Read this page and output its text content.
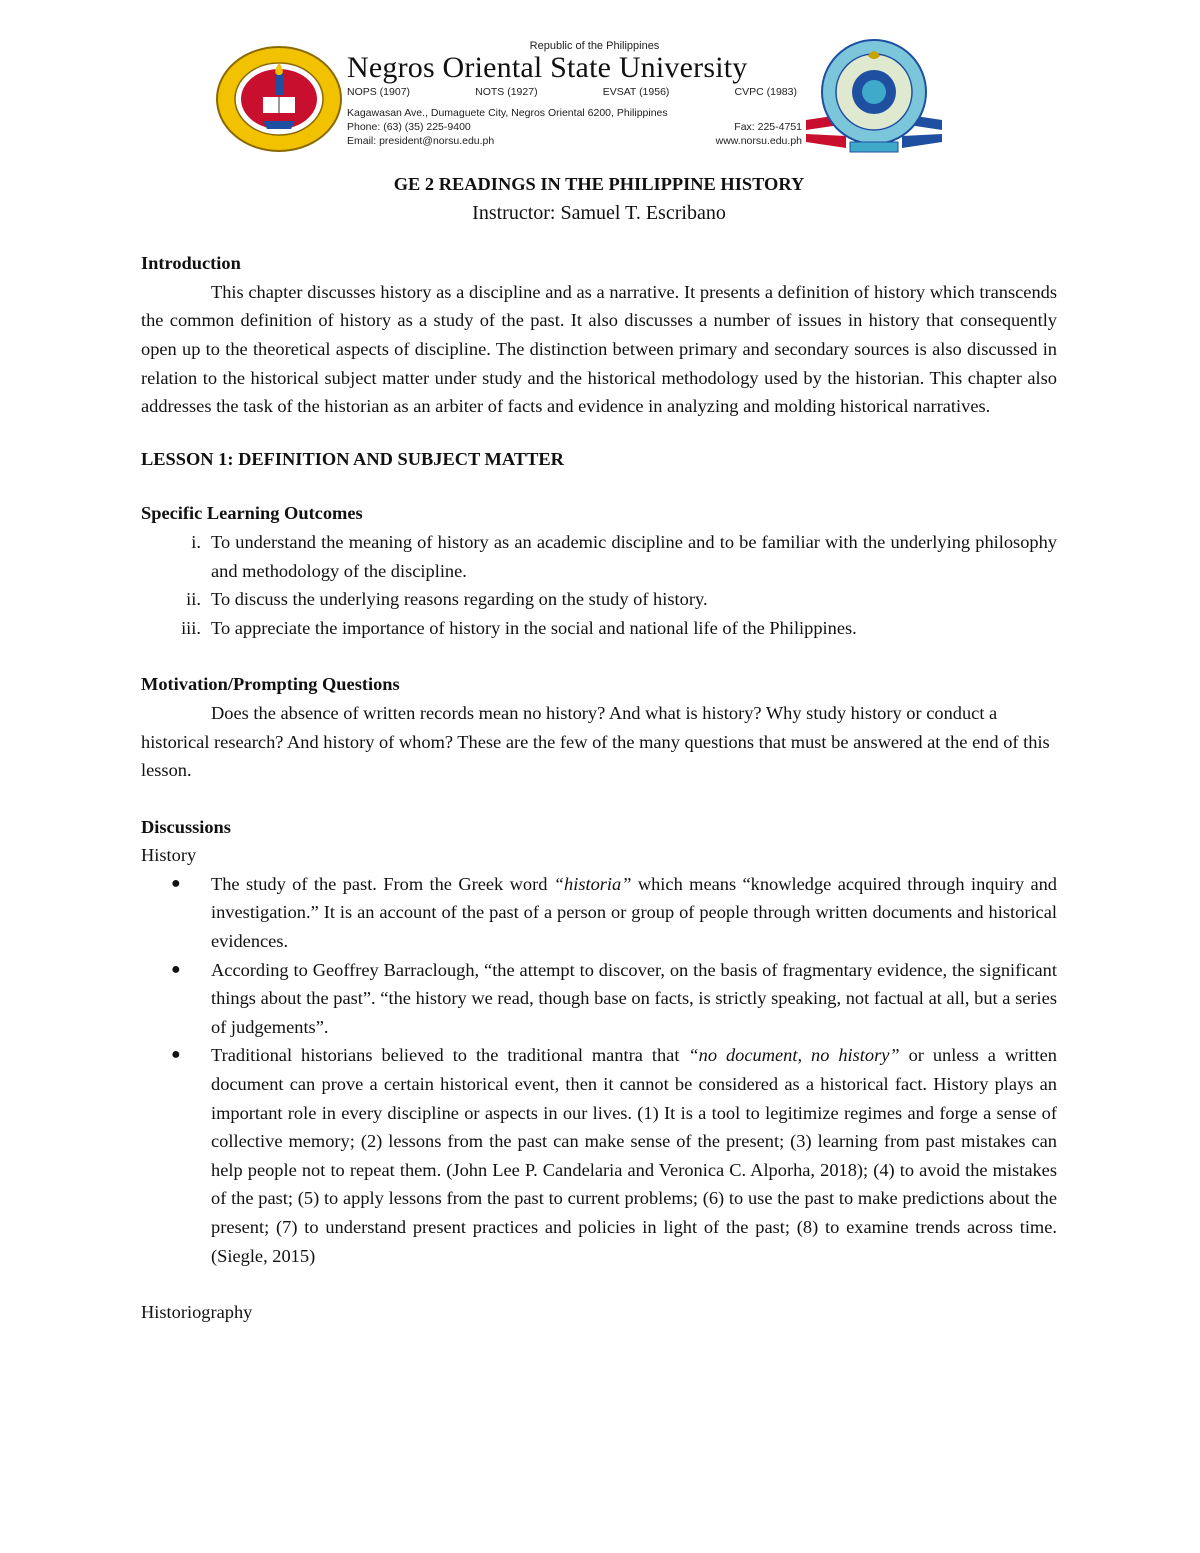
Republic of the Philippines
Negros Oriental State University
NOPS (1907)	NOTS (1927)	EVSAT (1956)	CVPC (1983)
Kagawasan Ave., Dumaguete City, Negros Oriental 6200, Philippines
Phone: (63) (35) 225-9400	Fax: 225-4751
Email: president@norsu.edu.ph	www.norsu.edu.ph

GE 2 READINGS IN THE PHILIPPINE HISTORY

Instructor: Samuel T. Escribano

Introduction

This chapter discusses history as a discipline and as a narrative. It presents a definition of history which transcends the common definition of history as a study of the past. It also discusses a number of issues in history that consequently open up to the theoretical aspects of discipline. The distinction between primary and secondary sources is also discussed in relation to the historical subject matter under study and the historical methodology used by the historian. This chapter also addresses the task of the historian as an arbiter of facts and evidence in analyzing and molding historical narratives.

LESSON 1: DEFINITION AND SUBJECT MATTER

Specific Learning Outcomes

i. To understand the meaning of history as an academic discipline and to be familiar with the underlying philosophy and methodology of the discipline.
ii. To discuss the underlying reasons regarding on the study of history.
iii. To appreciate the importance of history in the social and national life of the Philippines.

Motivation/Prompting Questions

Does the absence of written records mean no history? And what is history? Why study history or conduct a historical research? And history of whom? These are the few of the many questions that must be answered at the end of this lesson.

Discussions

History

● The study of the past. From the Greek word “historia” which means “knowledge acquired through inquiry and investigation.” It is an account of the past of a person or group of people through written documents and historical evidences.
● According to Geoffrey Barraclough, “the attempt to discover, on the basis of fragmentary evidence, the significant things about the past”. “the history we read, though base on facts, is strictly speaking, not factual at all, but a series of judgements”.
● Traditional historians believed to the traditional mantra that “no document, no history” or unless a written document can prove a certain historical event, then it cannot be considered as a historical fact. History plays an important role in every discipline or aspects in our lives. (1) It is a tool to legitimize regimes and forge a sense of collective memory; (2) lessons from the past can make sense of the present; (3) learning from past mistakes can help people not to repeat them. (John Lee P. Candelaria and Veronica C. Alporha, 2018); (4) to avoid the mistakes of the past; (5) to apply lessons from the past to current problems; (6) to use the past to make predictions about the present; (7) to understand present practices and policies in light of the past; (8) to examine trends across time. (Siegle, 2015)

Historiography
